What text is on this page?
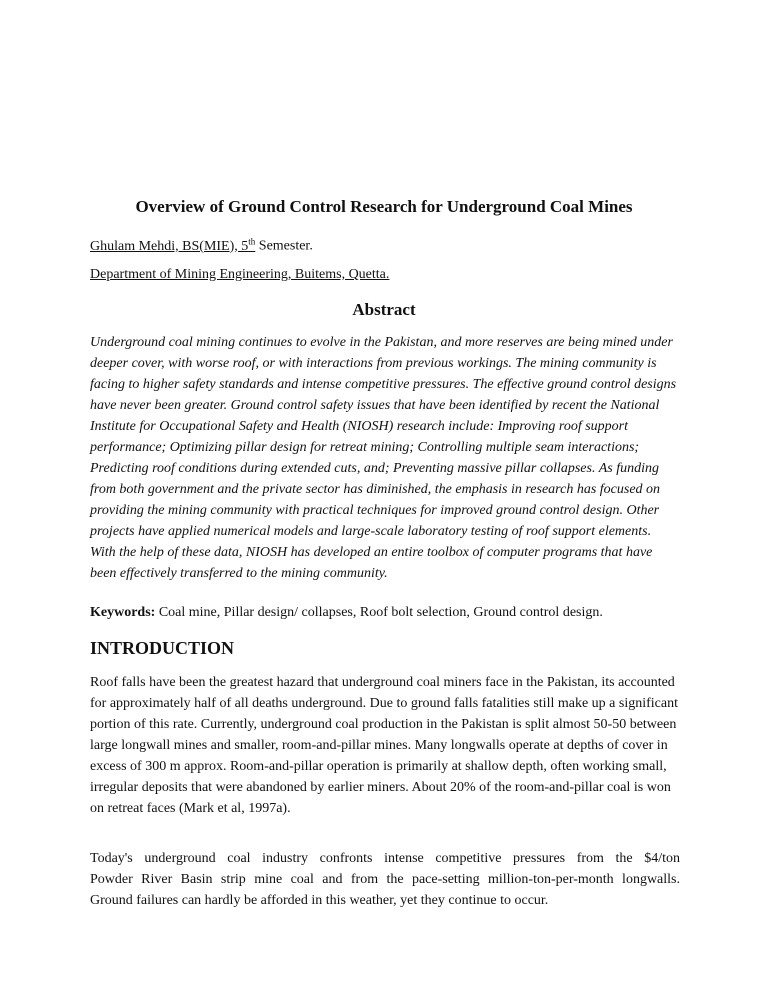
Overview of Ground Control Research for Underground Coal Mines
Ghulam Mehdi, BS(MIE), 5th Semester.
Department of Mining Engineering, Buitems, Quetta.
Abstract
Underground coal mining continues to evolve in the Pakistan, and more reserves are being mined under deeper cover, with worse roof, or with interactions from previous workings. The mining community is facing to higher safety standards and intense competitive pressures. The effective ground control designs have never been greater. Ground control safety issues that have been identified by recent the National Institute for Occupational Safety and Health (NIOSH) research include: Improving roof support performance; Optimizing pillar design for retreat mining; Controlling multiple seam interactions; Predicting roof conditions during extended cuts, and; Preventing massive pillar collapses. As funding from both government and the private sector has diminished, the emphasis in research has focused on providing the mining community with practical techniques for improved ground control design. Other projects have applied numerical models and large-scale laboratory testing of roof support elements. With the help of these data, NIOSH has developed an entire toolbox of computer programs that have been effectively transferred to the mining community.
Keywords: Coal mine, Pillar design/ collapses, Roof bolt selection, Ground control design.
INTRODUCTION
Roof falls have been the greatest hazard that underground coal miners face in the Pakistan, its accounted for approximately half of all deaths underground. Due to ground falls fatalities still make up a significant portion of this rate. Currently, underground coal production in the Pakistan is split almost 50-50 between large longwall mines and smaller, room-and-pillar mines. Many longwalls operate at depths of cover in excess of 300 m approx. Room-and-pillar operation is primarily at shallow depth, often working small, irregular deposits that were abandoned by earlier miners. About 20% of the room-and-pillar coal is won on retreat faces (Mark et al, 1997a).
Today's underground coal industry confronts intense competitive pressures from the $4/ton
Powder River Basin strip mine coal and from the pace-setting million-ton-per-month longwalls.
Ground failures can hardly be afforded in this weather, yet they continue to occur.
